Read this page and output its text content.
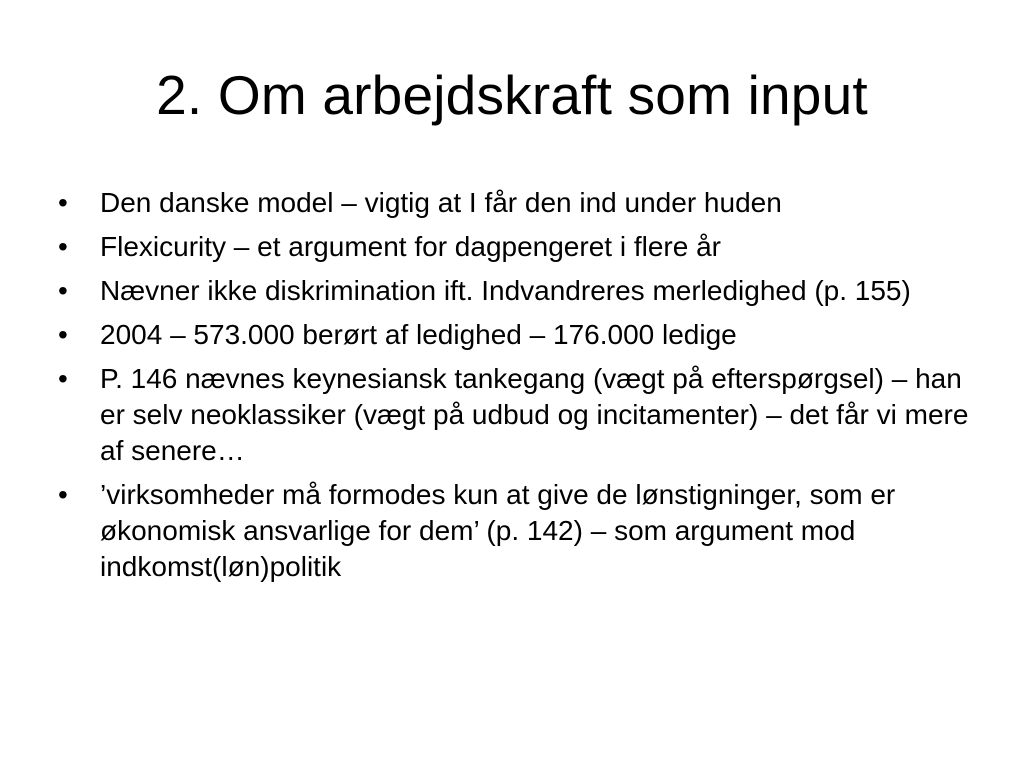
2. Om arbejdskraft som input
•	Den danske model – vigtig at I får den ind under huden
•	Flexicurity – et argument for dagpengeret i flere år
•	Nævner ikke diskrimination ift. Indvandreres merledighed (p. 155)
•	2004 – 573.000 berørt af ledighed – 176.000 ledige
•	P. 146 nævnes keynesiansk tankegang (vægt på efterspørgsel) – han er selv neoklassiker (vægt på udbud og incitamenter) – det får vi mere af senere…
•	’virksomheder må formodes kun at give de lønstigninger, som er økonomisk ansvarlige for dem’ (p. 142) – som argument mod indkomst(løn)politik
